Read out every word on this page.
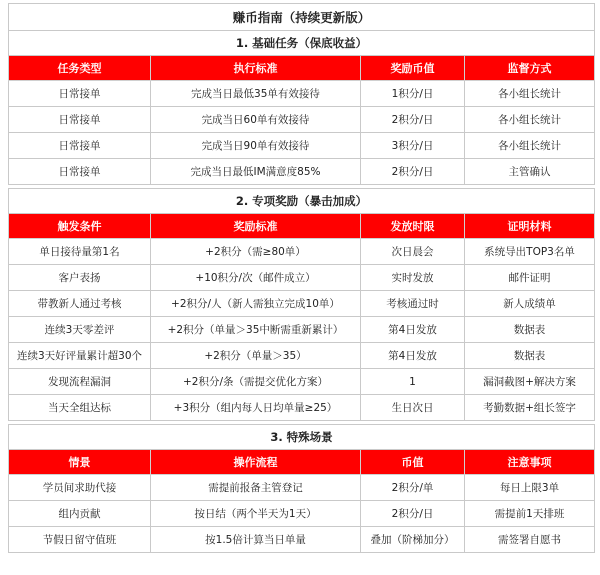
赚币指南（持续更新版）			
1. 基础任务（保底收益）			
任务类型	执行标准	奖励币值	监督方式
日常接单	完成当日最低35单有效接待	1积分/日	各小组长统计
日常接单	完成当日60单有效接待	2积分/日	各小组长统计
日常接单	完成当日90单有效接待	3积分/日	各小组长统计
日常接单	完成当日最低IM满意度85%	2积分/日	主管确认

2. 专项奖励（暴击加成）			
触发条件	奖励标准	发放时限	证明材料
单日接待量第1名	+2积分（需≥80单）	次日晨会	系统导出TOP3名单
客户表扬	+10积分/次（邮件成立）	实时发放	邮件证明
带教新人通过考核	+2积分/人（新人需独立完成10单）	考核通过时	新人成绩单
连续3天零差评	+2积分（单量＞35中断需重新累计）	第4日发放	数据表
连续3天好评量累计超30个	+2积分（单量＞35）	第4日发放	数据表
发现流程漏洞	+2积分/条（需提交优化方案）	1	漏洞截图+解决方案
当天全组达标	+3积分（组内每人日均单量≥25）	生日次日	考勤数据+组长签字

3. 特殊场景			
情景	操作流程	币值	注意事项
学员间求助代接	需提前报备主管登记	2积分/单	每日上限3单
组内贡献	按日结（两个半天为1天）	2积分/日	需提前1天排班
节假日留守值班	按1.5倍计算当日单量	叠加（阶梯加分）	需签署自愿书
